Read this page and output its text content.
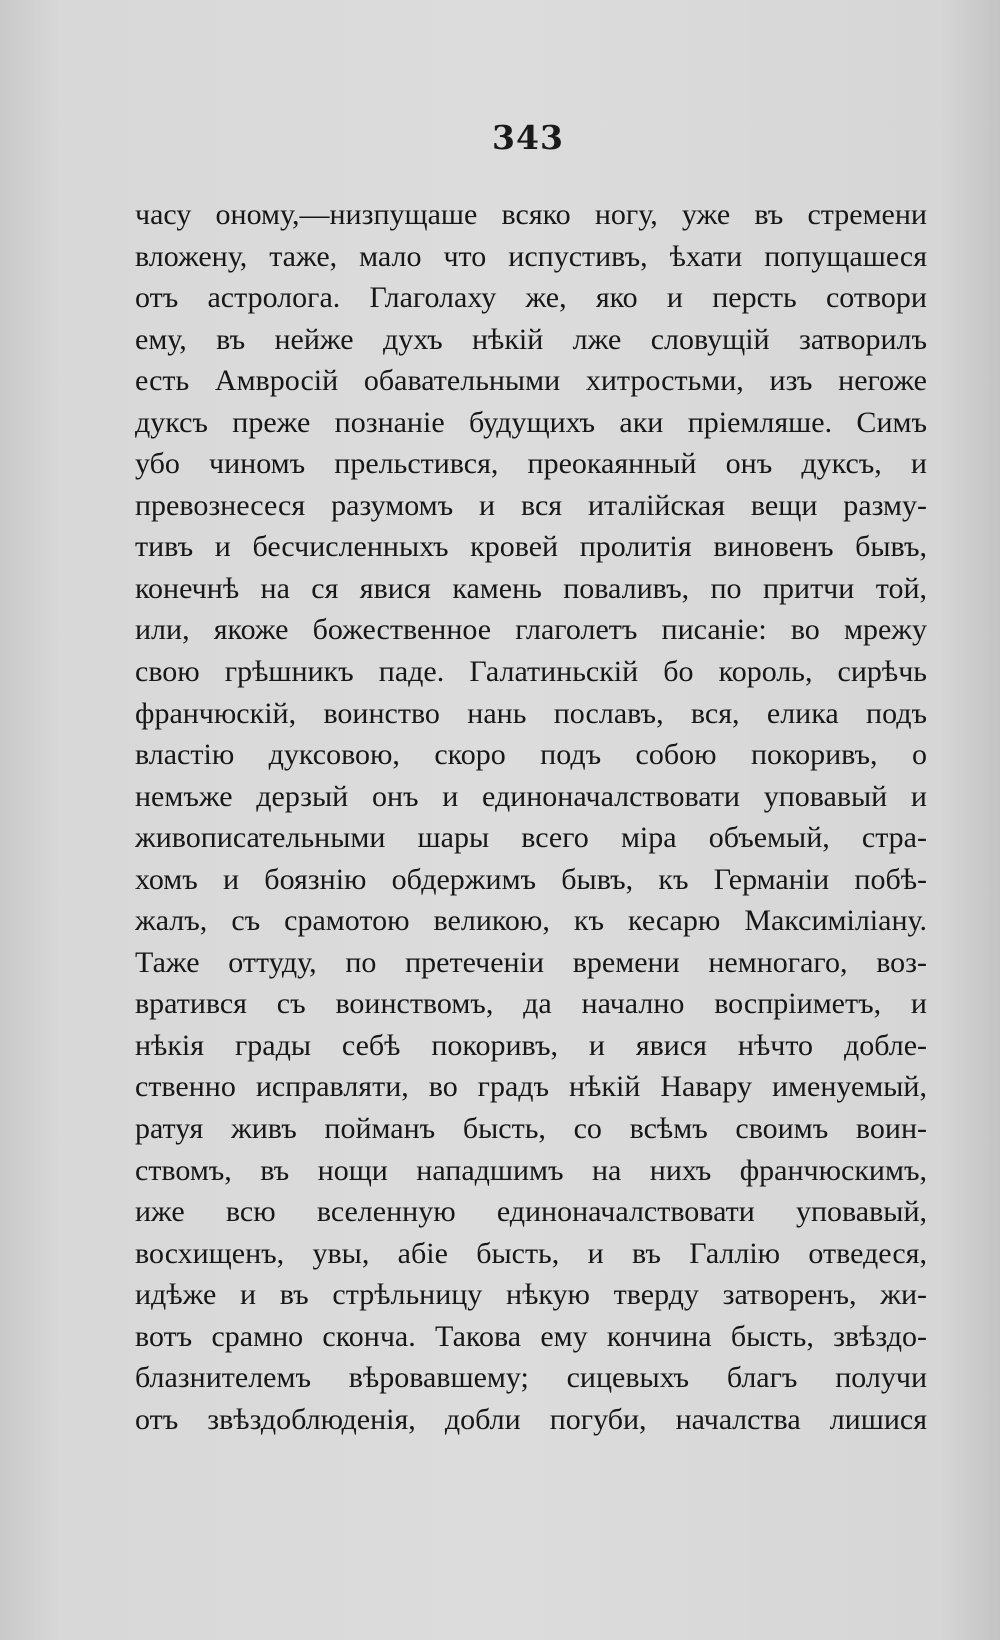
343
часу оному,—низпущаше всяко ногу, уже въ стремени
вложену, таже, мало что испустивъ, ѣхати попущашеся
отъ астролога. Глаголаху же, яко и персть сотвори
ему, въ нейже духъ нѣкій лже словущій затворилъ
есть Амвросій обавательными хитростьми, изъ негоже
дуксъ преже познаніе будущихъ аки пріемляше. Симъ
убо чиномъ прельстився, преокаянный онъ дуксъ, и
превознесеся разумомъ и вся италійская вещи разму-
тивъ и бесчисленныхъ кровей пролитія виновенъ бывъ,
конечнѣ на ся явися камень поваливъ, по притчи той,
или, якоже божественное глаголетъ писаніе: во мрежу
свою грѣшникъ паде. Галатиньскій бо король, сирѣчь
франчюскій, воинство нань пославъ, вся, елика подъ
властію дуксовою, скоро подъ собою покоривъ, о
немъже дерзый онъ и единоначалствовати уповавый и
живописательными шары всего міра объемый, стра-
хомъ и боязнію обдержимъ бывъ, къ Германіи побѣ-
жалъ, съ срамотою великою, къ кесарю Максиміліану.
Таже оттуду, по претеченіи времени немногаго, воз-
вратився съ воинствомъ, да начално воспріиметъ, и
нѣкія грады себѣ покоривъ, и явися нѣчто добле-
ственно исправляти, во градъ нѣкій Навару именуемый,
ратуя живъ пойманъ бысть, со всѣмъ своимъ воин-
ствомъ, въ нощи нападшимъ на нихъ франчюскимъ,
иже всю вселенную единоначалствовати уповавый,
восхищенъ, увы, абіе бысть, и въ Галлію отведеся,
идѣже и въ стрѣльницу нѣкую тверду затворенъ, жи-
вотъ срамно скончa. Такова ему кончина бысть, звѣздо-
блазнителемъ вѣровавшему; сицевыхъ благъ получи
отъ звѣздоблюденія, добли погуби, начaлства лишися
